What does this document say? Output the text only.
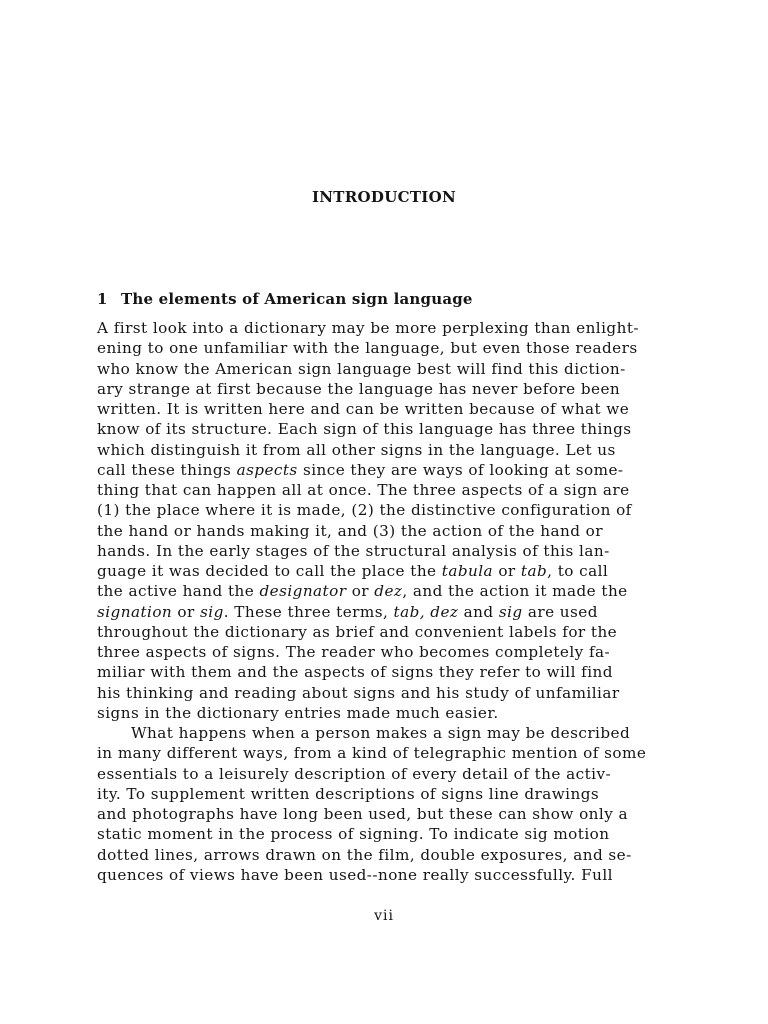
INTRODUCTION
1 The elements of American sign language
A first look into a dictionary may be more perplexing than enlight-
ening to one unfamiliar with the language, but even those readers
who know the American sign language best will find this diction-
ary strange at first because the language has never before been
written. It is written here and can be written because of what we
know of its structure. Each sign of this language has three things
which distinguish it from all other signs in the language. Let us
call these things aspects since they are ways of looking at some-
thing that can happen all at once. The three aspects of a sign are
(1) the place where it is made, (2) the distinctive configuration of
the hand or hands making it, and (3) the action of the hand or
hands. In the early stages of the structural analysis of this lan-
guage it was decided to call the place the tabula or tab, to call
the active hand the designator or dez, and the action it made the
signation or sig. These three terms, tab, dez and sig are used
throughout the dictionary as brief and convenient labels for the
three aspects of signs. The reader who becomes completely fa-
miliar with them and the aspects of signs they refer to will find
his thinking and reading about signs and his study of unfamiliar
signs in the dictionary entries made much easier.
What happens when a person makes a sign may be described
in many different ways, from a kind of telegraphic mention of some
essentials to a leisurely description of every detail of the activ-
ity. To supplement written descriptions of signs line drawings
and photographs have long been used, but these can show only a
static moment in the process of signing. To indicate sig motion
dotted lines, arrows drawn on the film, double exposures, and se-
quences of views have been used--none really successfully. Full
vii
